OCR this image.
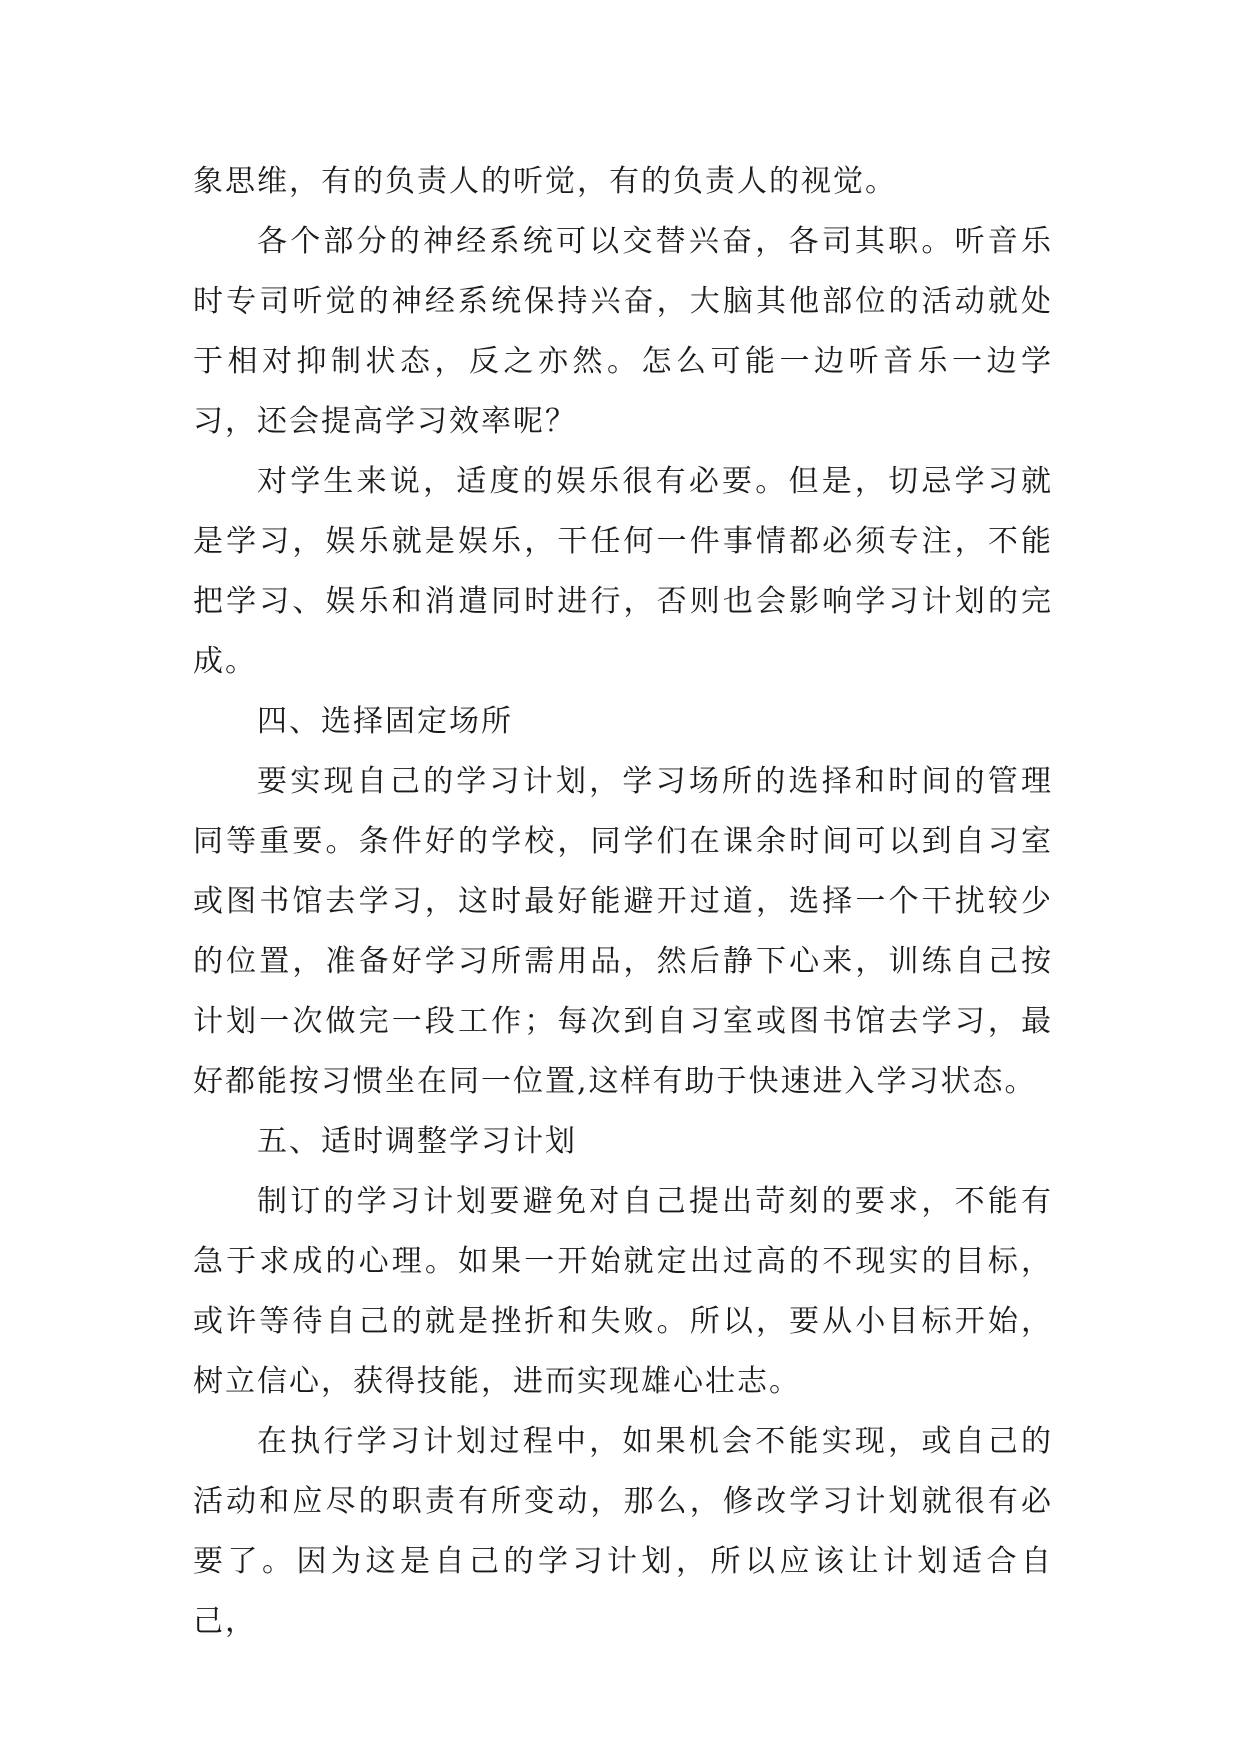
象思维，有的负责人的听觉，有的负责人的视觉。

各个部分的神经系统可以交替兴奋，各司其职。听音乐时专司听觉的神经系统保持兴奋，大脑其他部位的活动就处于相对抑制状态，反之亦然。怎么可能一边听音乐一边学习，还会提高学习效率呢？

对学生来说，适度的娱乐很有必要。但是，切忌学习就是学习，娱乐就是娱乐，干任何一件事情都必须专注，不能把学习、娱乐和消遣同时进行，否则也会影响学习计划的完成。

四、选择固定场所

要实现自己的学习计划，学习场所的选择和时间的管理同等重要。条件好的学校，同学们在课余时间可以到自习室或图书馆去学习，这时最好能避开过道，选择一个干扰较少的位置，准备好学习所需用品，然后静下心来，训练自己按计划一次做完一段工作；每次到自习室或图书馆去学习，最好都能按习惯坐在同一位置,这样有助于快速进入学习状态。

五、适时调整学习计划

制订的学习计划要避免对自己提出苛刻的要求，不能有急于求成的心理。如果一开始就定出过高的不现实的目标，或许等待自己的就是挫折和失败。所以，要从小目标开始，树立信心，获得技能，进而实现雄心壮志。

在执行学习计划过程中，如果机会不能实现，或自己的活动和应尽的职责有所变动，那么，修改学习计划就很有必要了。因为这是自己的学习计划，所以应该让计划适合自己，
